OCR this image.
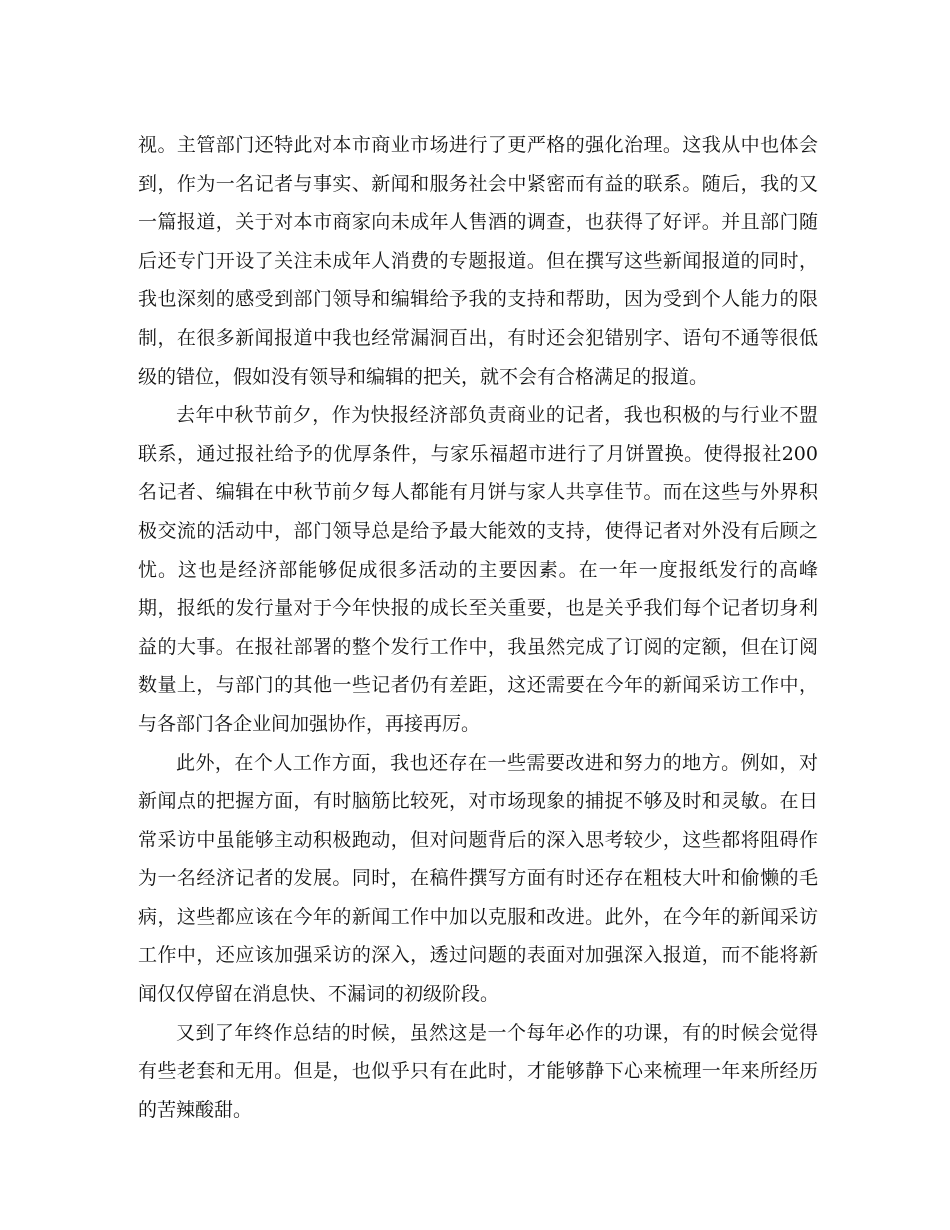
视。主管部门还特此对本市商业市场进行了更严格的强化治理。这我从中也体会到，作为一名记者与事实、新闻和服务社会中紧密而有益的联系。随后，我的又一篇报道，关于对本市商家向未成年人售酒的调查，也获得了好评。并且部门随后还专门开设了关注未成年人消费的专题报道。但在撰写这些新闻报道的同时，我也深刻的感受到部门领导和编辑给予我的支持和帮助，因为受到个人能力的限制，在很多新闻报道中我也经常漏洞百出，有时还会犯错别字、语句不通等很低级的错位，假如没有领导和编辑的把关，就不会有合格满足的报道。

去年中秋节前夕，作为快报经济部负责商业的记者，我也积极的与行业不盟联系，通过报社给予的优厚条件，与家乐福超市进行了月饼置换。使得报社200名记者、编辑在中秋节前夕每人都能有月饼与家人共享佳节。而在这些与外界积极交流的活动中，部门领导总是给予最大能效的支持，使得记者对外没有后顾之忧。这也是经济部能够促成很多活动的主要因素。在一年一度报纸发行的高峰期，报纸的发行量对于今年快报的成长至关重要，也是关乎我们每个记者切身利益的大事。在报社部署的整个发行工作中，我虽然完成了订阅的定额，但在订阅数量上，与部门的其他一些记者仍有差距，这还需要在今年的新闻采访工作中，与各部门各企业间加强协作，再接再厉。

此外，在个人工作方面，我也还存在一些需要改进和努力的地方。例如，对新闻点的把握方面，有时脑筋比较死，对市场现象的捕捉不够及时和灵敏。在日常采访中虽能够主动积极跑动，但对问题背后的深入思考较少，这些都将阻碍作为一名经济记者的发展。同时，在稿件撰写方面有时还存在粗枝大叶和偷懒的毛病，这些都应该在今年的新闻工作中加以克服和改进。此外，在今年的新闻采访工作中，还应该加强采访的深入，透过问题的表面对加强深入报道，而不能将新闻仅仅停留在消息快、不漏词的初级阶段。

又到了年终作总结的时候，虽然这是一个每年必作的功课，有的时候会觉得有些老套和无用。但是，也似乎只有在此时，才能够静下心来梳理一年来所经历的苦辣酸甜。
